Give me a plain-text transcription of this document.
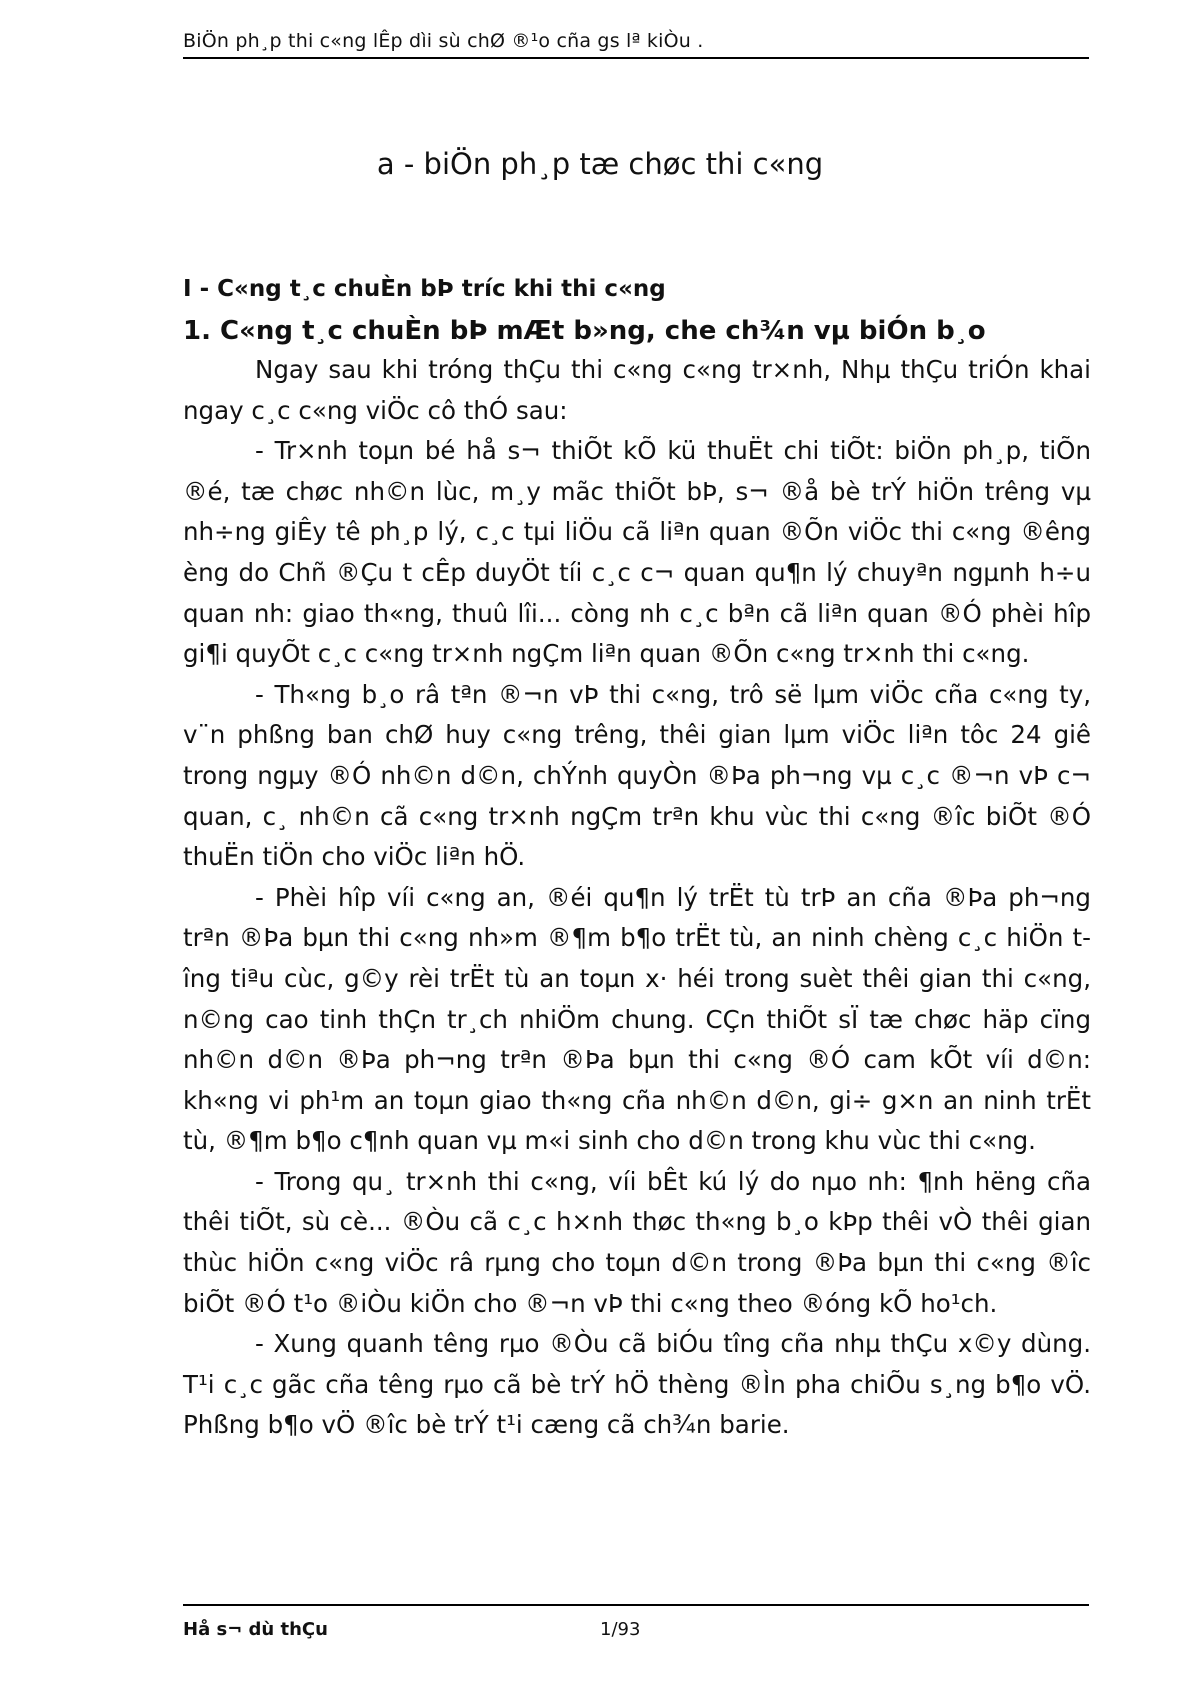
BiÖn ph¸p thi c«ng lÊp dìi sù chØ ®¹o cña gs lª kiÒu .
a - biÖn ph¸p tæ chøc thi c«ng
I - C«ng t¸c chuÈn bÞ tríc khi thi c«ng
1. C«ng t¸c chuÈn bÞ mÆt b»ng, che ch¾n vµ biÓn b¸o

Ngay sau khi tróng thÇu thi c«ng c«ng tr×nh, Nhµ thÇu triÓn khai ngay c¸c c«ng viÖc cô thÓ sau:

- Tr×nh toµn bé hå s¬ thiÕt kÕ kü thuËt chi tiÕt: biÖn ph¸p, tiÕn ®é, tæ chøc nh©n lùc, m¸y mãc thiÕt bÞ, s¬ ®å bè trÝ hiÖn trêng vµ nh÷ng giÊy tê ph¸p lý, c¸c tµi liÖu cã liªn quan ®Õn viÖc thi c«ng ®êng èng do Chñ ®Çu t cÊp duyÖt tíi c¸c c¬ quan qu¶n lý chuyªn ngµnh h÷u quan nh: giao th«ng, thuû lîi... còng nh c¸c bªn cã liªn quan ®Ó phèi hîp gi¶i quyÕt c¸c c«ng tr×nh ngÇm liªn quan ®Õn c«ng tr×nh thi c«ng.

- Th«ng b¸o râ tªn ®¬n vÞ thi c«ng, trô së lµm viÖc cña c«ng ty, v¨n phßng ban chØ huy c«ng trêng, thêi gian lµm viÖc liªn tôc 24 giê trong ngµy ®Ó nh©n d©n, chÝnh quyÒn ®Þa ph¬ng vµ c¸c ®¬n vÞ c¬ quan, c¸ nh©n cã c«ng tr×nh ngÇm trªn khu vùc thi c«ng ®îc biÕt ®Ó thuËn tiÖn cho viÖc liªn hÖ.

- Phèi hîp víi c«ng an, ®éi qu¶n lý trËt tù trÞ an cña ®Þa ph¬ng trªn ®Þa bµn thi c«ng nh»m ®¶m b¶o trËt tù, an ninh chèng c¸c hiÖn tîng tiªu cùc, g©y rèi trËt tù an toµn x· héi trong suèt thêi gian thi c«ng, n©ng cao tinh thÇn tr¸ch nhiÖm chung. CÇn thiÕt sÏ tæ chøc häp cïng nh©n d©n ®Þa ph¬ng trªn ®Þa bµn thi c«ng ®Ó cam kÕt víi d©n: kh«ng vi ph¹m an toµn giao th«ng cña nh©n d©n, gi÷ g×n an ninh trËt tù, ®¶m b¶o c¶nh quan vµ m«i sinh cho d©n trong khu vùc thi c«ng.

- Trong qu¸ tr×nh thi c«ng, víi bÊt kú lý do nµo nh: ¶nh hëng cña thêi tiÕt, sù cè... ®Òu cã c¸c h×nh thøc th«ng b¸o kÞp thêi vÒ thêi gian thùc hiÖn c«ng viÖc râ rµng cho toµn d©n trong ®Þa bµn thi c«ng ®îc biÕt ®Ó t¹o ®iÒu kiÖn cho ®¬n vÞ thi c«ng theo ®óng kÕ ho¹ch.

- Xung quanh têng rµo ®Òu cã biÓu tîng cña nhµ thÇu x©y dùng. T¹i c¸c gãc cña têng rµo cã bè trÝ hÖ thèng ®Ìn pha chiÕu s¸ng b¶o vÖ. Phßng b¶o vÖ ®îc bè trÝ t¹i cæng cã ch¾n barie.

Hå s¬ dù thÇu	1/93
